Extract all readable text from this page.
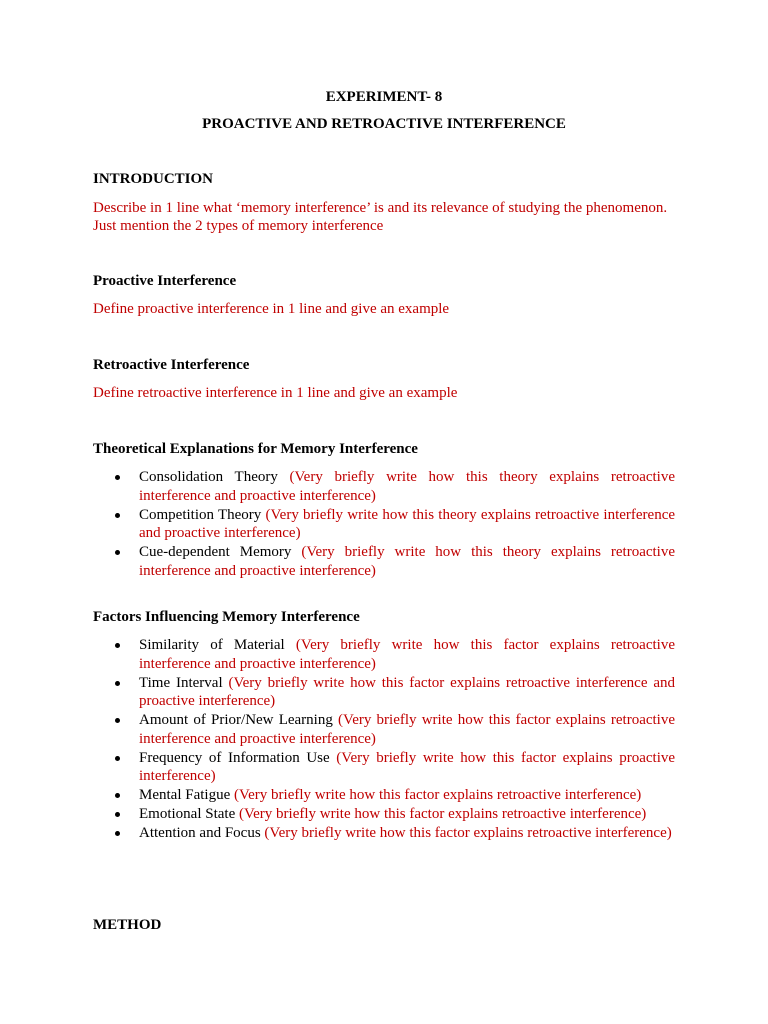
EXPERIMENT- 8
PROACTIVE AND RETROACTIVE INTERFERENCE
INTRODUCTION
Describe in 1 line what ‘memory interference’ is and its relevance of studying the phenomenon.
Just mention the 2 types of memory interference
Proactive Interference
Define proactive interference in 1 line and give an example
Retroactive Interference
Define retroactive interference in 1 line and give an example
Theoretical Explanations for Memory Interference
Consolidation Theory (Very briefly write how this theory explains retroactive interference and proactive interference)
Competition Theory (Very briefly write how this theory explains retroactive interference and proactive interference)
Cue-dependent Memory (Very briefly write how this theory explains retroactive interference and proactive interference)
Factors Influencing Memory Interference
Similarity of Material (Very briefly write how this factor explains retroactive interference and proactive interference)
Time Interval (Very briefly write how this factor explains retroactive interference and proactive interference)
Amount of Prior/New Learning (Very briefly write how this factor explains retroactive interference and proactive interference)
Frequency of Information Use (Very briefly write how this factor explains proactive interference)
Mental Fatigue (Very briefly write how this factor explains retroactive interference)
Emotional State (Very briefly write how this factor explains retroactive interference)
Attention and Focus (Very briefly write how this factor explains retroactive interference)
METHOD
